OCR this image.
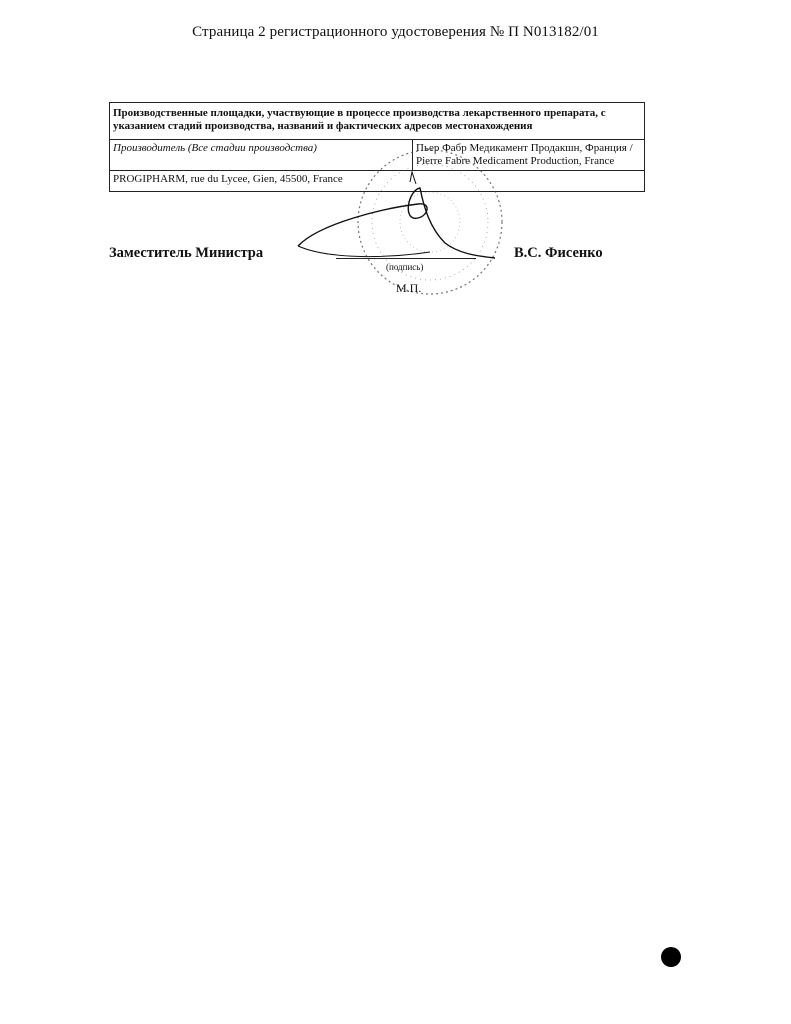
Страница 2 регистрационного удостоверения № П N013182/01
Производственные площадки, участвующие в процессе производства лекарственного препарата, с указанием стадий производства, названий и фактических адресов местонахождения
Производитель (Все стадии производства)	Пьер Фабр Медикамент Продакшн, Франция /
Pierre Fabre Medicament Production, France

PROGIPHARM, rue du Lycee, Gien, 45500, France
Заместитель Министра
(подпись)
В.С. Фисенко
М.П.
